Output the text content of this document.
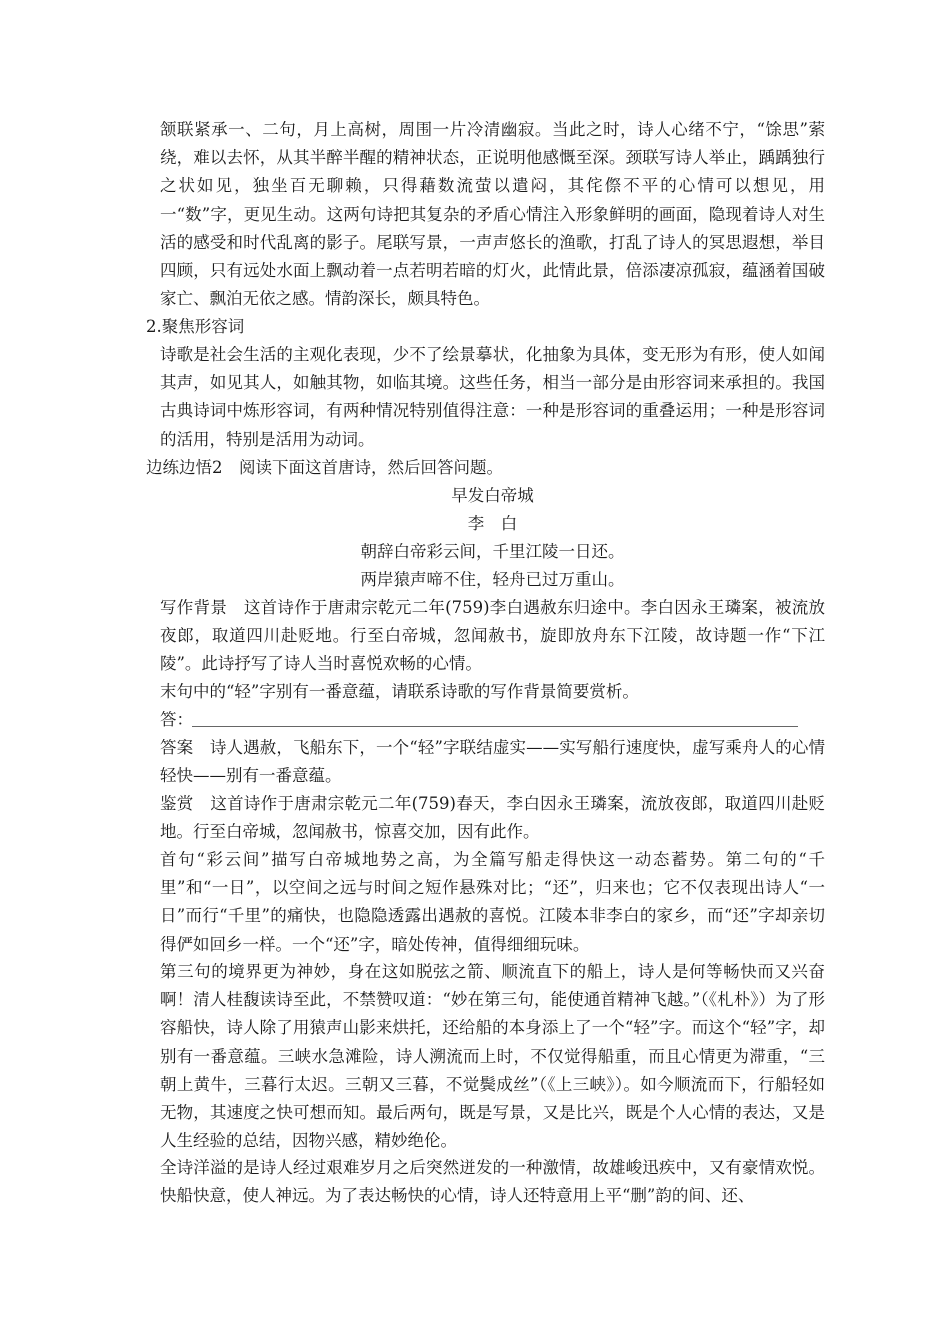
颔联紧承一、二句，月上高树，周围一片冷清幽寂。当此之时，诗人心绪不宁，“馀思”萦绕，难以去怀，从其半醉半醒的精神状态，正说明他感慨至深。颈联写诗人举止，踽踽独行之状如见，独坐百无聊赖，只得藉数流萤以遣闷，其侘傺不平的心情可以想见，用一“数”字，更见生动。这两句诗把其复杂的矛盾心情注入形象鲜明的画面，隐现着诗人对生活的感受和时代乱离的影子。尾联写景，一声声悠长的渔歌，打乱了诗人的冥思遐想，举目四顾，只有远处水面上飘动着一点若明若暗的灯火，此情此景，倍添凄凉孤寂，蕴涵着国破家亡、飘泊无依之感。情韵深长，颇具特色。

2.聚焦形容词

诗歌是社会生活的主观化表现，少不了绘景摹状，化抽象为具体，变无形为有形，使人如闻其声，如见其人，如触其物，如临其境。这些任务，相当一部分是由形容词来承担的。我国古典诗词中炼形容词，有两种情况特别值得注意：一种是形容词的重叠运用；一种是形容词的活用，特别是活用为动词。

边练边悟2　阅读下面这首唐诗，然后回答问题。

早发白帝城

李　白

朝辞白帝彩云间，千里江陵一日还。

两岸猿声啼不住，轻舟已过万重山。

写作背景　这首诗作于唐肃宗乾元二年(759)李白遇赦东归途中。李白因永王璘案，被流放夜郎，取道四川赴贬地。行至白帝城，忽闻赦书，旋即放舟东下江陵，故诗题一作“下江陵”。此诗抒写了诗人当时喜悦欢畅的心情。

末句中的“轻”字别有一番意蕴，请联系诗歌的写作背景简要赏析。

答：

答案　诗人遇赦，飞船东下，一个“轻”字联结虚实——实写船行速度快，虚写乘舟人的心情轻快——别有一番意蕴。

鉴赏　这首诗作于唐肃宗乾元二年(759)春天，李白因永王璘案，流放夜郎，取道四川赴贬地。行至白帝城，忽闻赦书，惊喜交加，因有此作。

首句“彩云间”描写白帝城地势之高，为全篇写船走得快这一动态蓄势。第二句的“千里”和“一日”，以空间之远与时间之短作悬殊对比；“还”，归来也；它不仅表现出诗人“一日”而行“千里”的痛快，也隐隐透露出遇赦的喜悦。江陵本非李白的家乡，而“还”字却亲切得俨如回乡一样。一个“还”字，暗处传神，值得细细玩味。

第三句的境界更为神妙，身在这如脱弦之箭、顺流直下的船上，诗人是何等畅快而又兴奋啊！清人桂馥读诗至此，不禁赞叹道：“妙在第三句，能使通首精神飞越。”（《札朴》）为了形容船快，诗人除了用猿声山影来烘托，还给船的本身添上了一个“轻”字。而这个“轻”字，却别有一番意蕴。三峡水急滩险，诗人溯流而上时，不仅觉得船重，而且心情更为滞重，“三朝上黄牛，三暮行太迟。三朝又三暮，不觉鬓成丝”（《上三峡》）。如今顺流而下，行船轻如无物，其速度之快可想而知。最后两句，既是写景，又是比兴，既是个人心情的表达，又是人生经验的总结，因物兴感，精妙绝伦。

全诗洋溢的是诗人经过艰难岁月之后突然迸发的一种激情，故雄峻迅疾中，又有豪情欢悦。快船快意，使人神远。为了表达畅快的心情，诗人还特意用上平“删”韵的间、还、
